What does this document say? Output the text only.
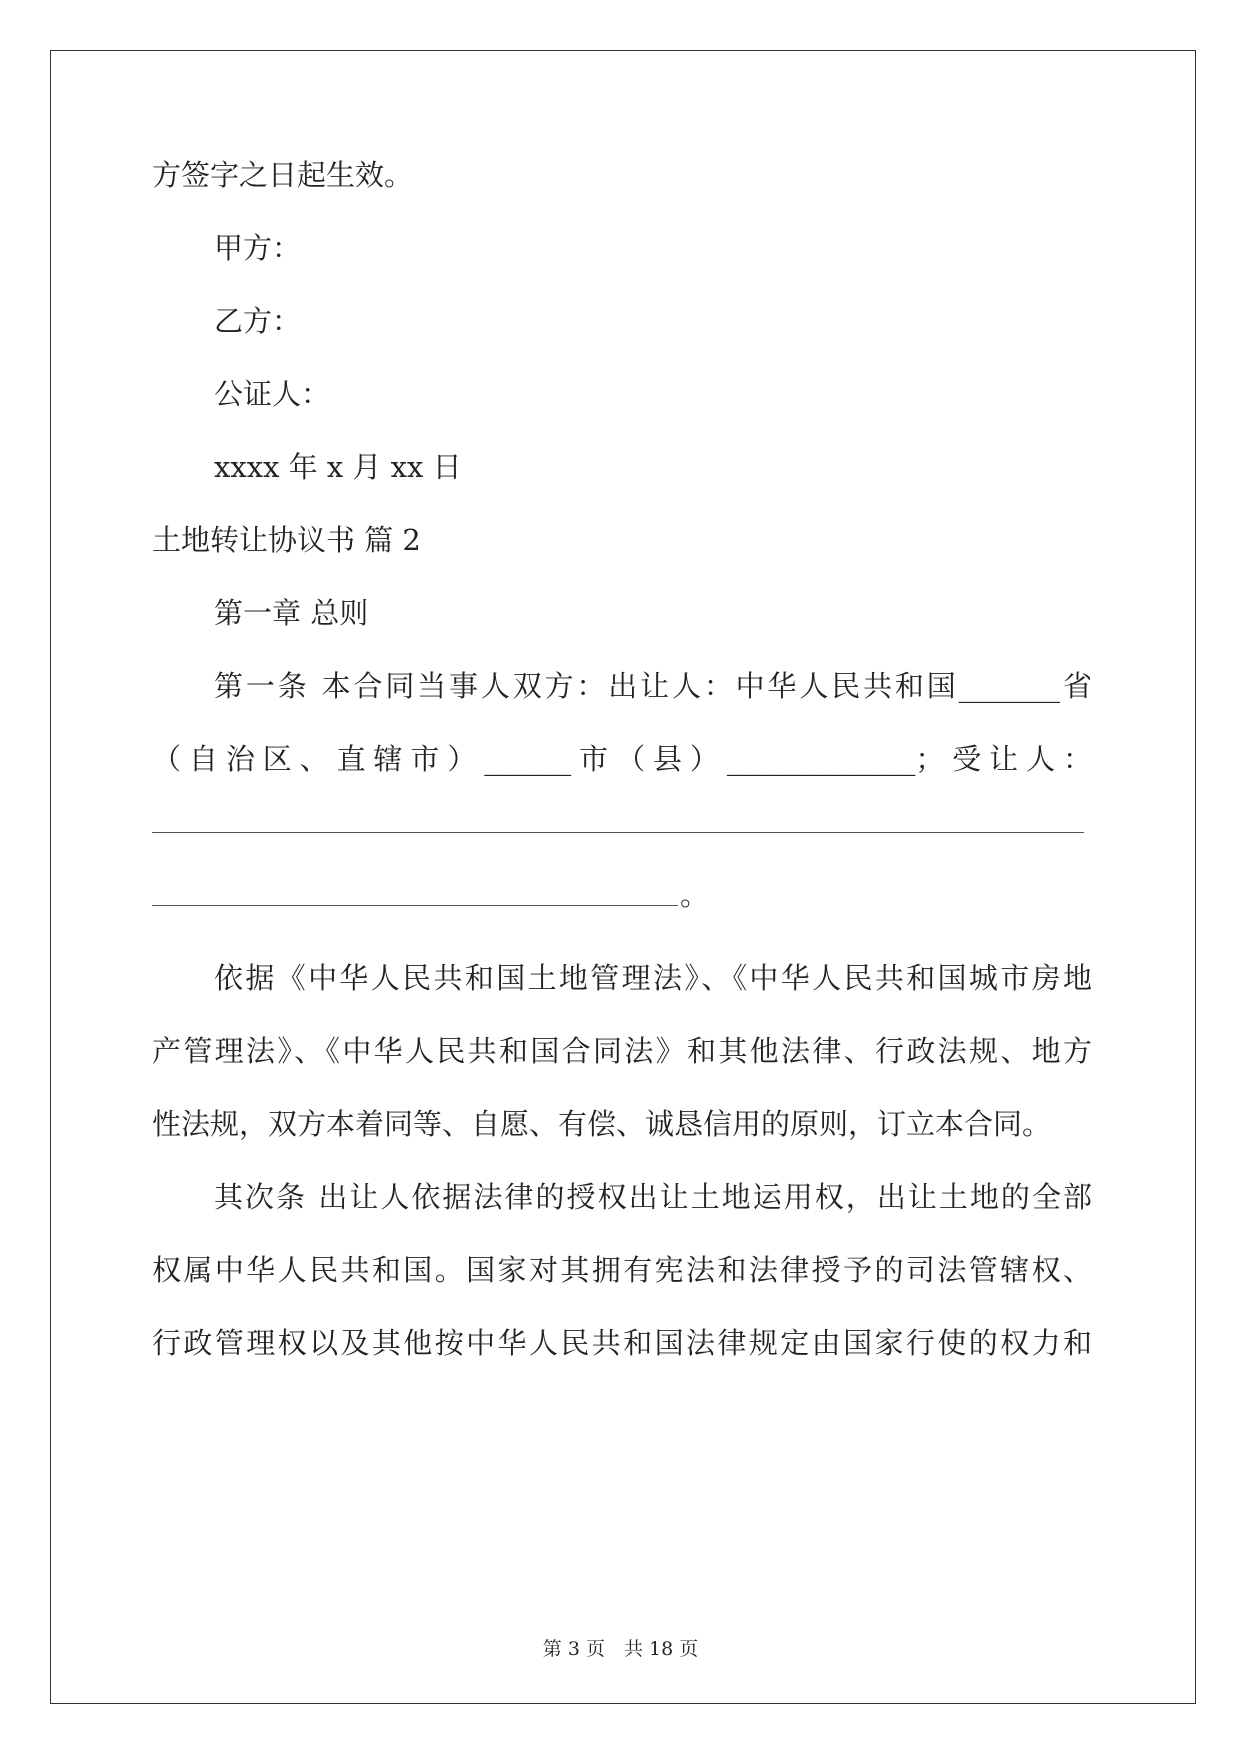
方签字之日起生效。

甲方：

乙方：

公证人：

xxxx 年 x 月 xx 日

土地转让协议书 篇 2

第一章 总则

第一条 本合同当事人双方：出让人：中华人民共和国_______省

（自治区、直辖市）______市（县）_____________；受让人：

。

依据《中华人民共和国土地管理法》、《中华人民共和国城市房地

产管理法》、《中华人民共和国合同法》和其他法律、行政法规、地方

性法规，双方本着同等、自愿、有偿、诚恳信用的原则，订立本合同。

其次条 出让人依据法律的授权出让土地运用权，出让土地的全部

权属中华人民共和国。国家对其拥有宪法和法律授予的司法管辖权、

行政管理权以及其他按中华人民共和国法律规定由国家行使的权力和

第 3 页　共 18 页
